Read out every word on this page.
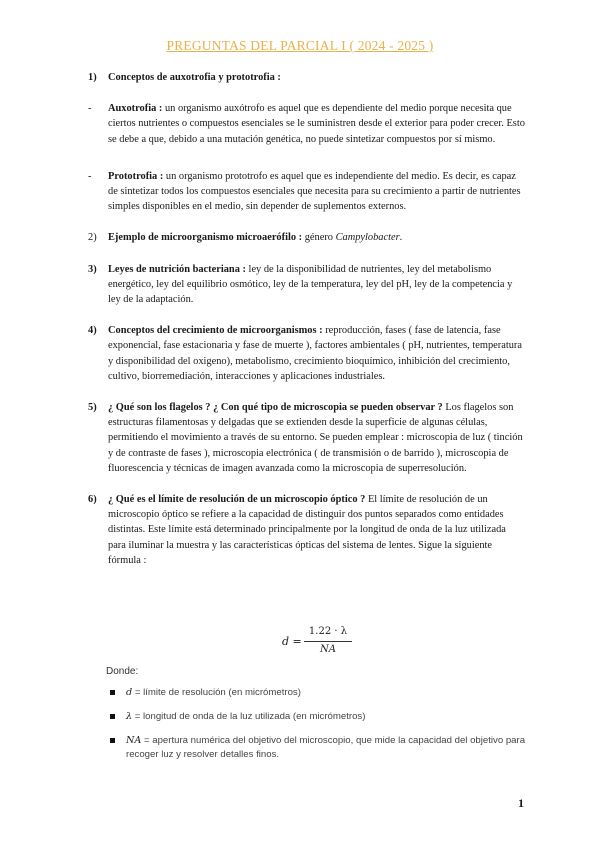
PREGUNTAS DEL PARCIAL I ( 2024 - 2025 )
1) Conceptos de auxotrofia y prototrofia :
- Auxotrofia : un organismo auxótrofo es aquel que es dependiente del medio porque necesita que ciertos nutrientes o compuestos esenciales se le suministren desde el exterior para poder crecer. Esto se debe a que, debido a una mutación genética, no puede sintetizar compuestos por sí mismo.
- Prototrofia : un organismo prototrofo es aquel que es independiente del medio. Es decir, es capaz de sintetizar todos los compuestos esenciales que necesita para su crecimiento a partir de nutrientes simples disponibles en el medio, sin depender de suplementos externos.
2) Ejemplo de microorganismo microaerófilo : género Campylobacter.
3) Leyes de nutrición bacteriana : ley de la disponibilidad de nutrientes, ley del metabolismo energético, ley del equilibrio osmótico, ley de la temperatura, ley del pH, ley de la competencia y ley de la adaptación.
4) Conceptos del crecimiento de microorganismos : reproducción, fases ( fase de latencia, fase exponencial, fase estacionaria y fase de muerte ), factores ambientales ( pH, nutrientes, temperatura y disponibilidad del oxigeno), metabolismo, crecimiento bioquímico, inhibición del crecimiento, cultivo, biorremediación, interacciones y aplicaciones industriales.
5) ¿ Qué son los flagelos ? ¿ Con qué tipo de microscopia se pueden observar ? Los flagelos son estructuras filamentosas y delgadas que se extienden desde la superficie de algunas células, permitiendo el movimiento a través de su entorno. Se pueden emplear : microscopia de luz ( tinción y de contraste de fases ), microscopia electrónica ( de transmisión o de barrido ), microscopia de fluorescencia y técnicas de imagen avanzada como la microscopia de superresolución.
6) ¿ Qué es el límite de resolución de un microscopio óptico ? El límite de resolución de un microscopio óptico se refiere a la capacidad de distinguir dos puntos separados como entidades distintas. Este límite está determinado principalmente por la longitud de onda de la luz utilizada para iluminar la muestra y las características ópticas del sistema de lentes. Sigue la siguiente fórmula :
d =
1.22 · λ
NA
Donde:
d = límite de resolución (en micrómetros)
λ = longitud de onda de la luz utilizada (en micrómetros)
NA = apertura numérica del objetivo del microscopio, que mide la capacidad del objetivo para recoger luz y resolver detalles finos.
1
